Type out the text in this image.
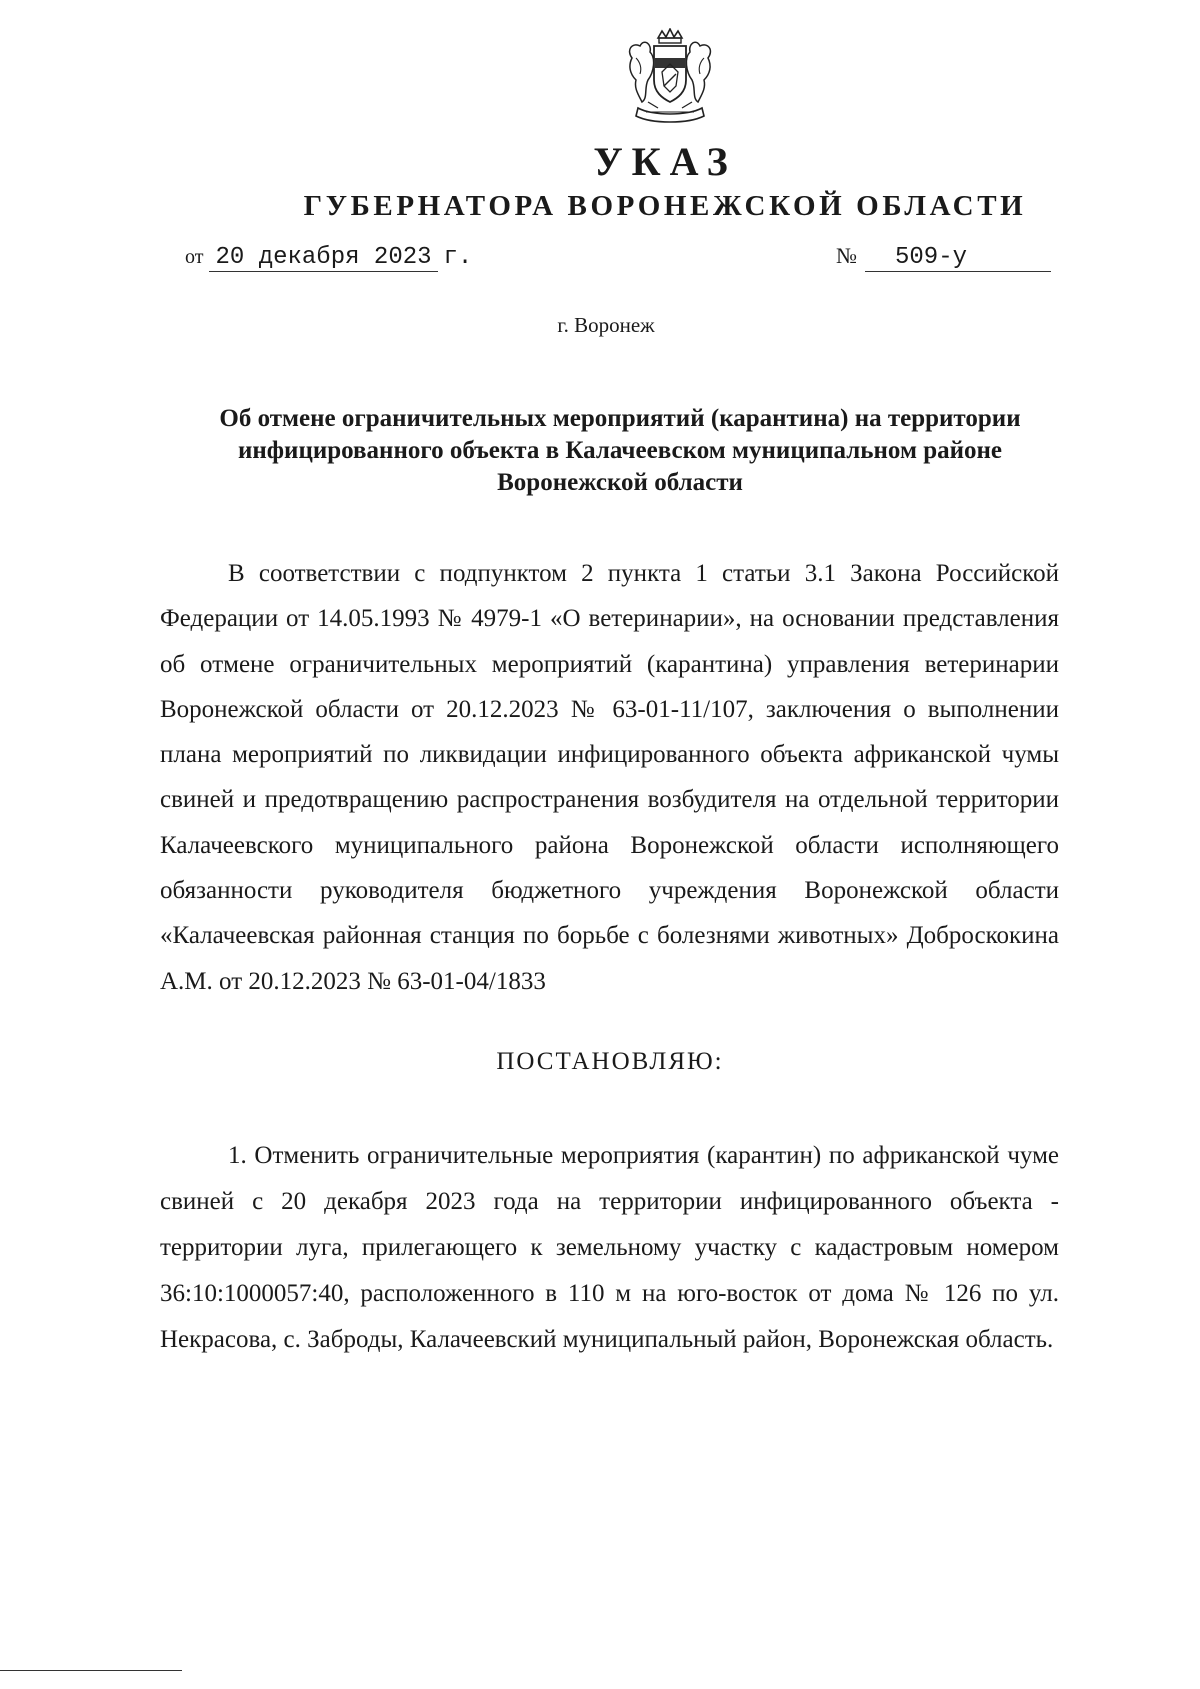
УКАЗ
ГУБЕРНАТОРА ВОРОНЕЖСКОЙ ОБЛАСТИ
от 20 декабря 2023 г.	№ 509-у
г. Воронеж
Об отмене ограничительных мероприятий (карантина) на территории инфицированного объекта в Калачеевском муниципальном районе Воронежской области
В соответствии с подпунктом 2 пункта 1 статьи 3.1 Закона Российской Федерации от 14.05.1993 № 4979-1 «О ветеринарии», на основании представления об отмене ограничительных мероприятий (карантина) управления ветеринарии Воронежской области от 20.12.2023 № 63-01-11/107, заключения о выполнении плана мероприятий по ликвидации инфицированного объекта африканской чумы свиней и предотвращению распространения возбудителя на отдельной территории Калачеевского муниципального района Воронежской области исполняющего обязанности руководителя бюджетного учреждения Воронежской области «Калачеевская районная станция по борьбе с болезнями животных» Доброскокина А.М. от 20.12.2023 № 63-01-04/1833
ПОСТАНОВЛЯЮ:
1. Отменить ограничительные мероприятия (карантин) по африканской чуме свиней с 20 декабря 2023 года на территории инфицированного объекта - территории луга, прилегающего к земельному участку с кадастровым номером 36:10:1000057:40, расположенного в 110 м на юго-восток от дома № 126 по ул. Некрасова, с. Заброды, Калачеевский муниципальный район, Воронежская область.
